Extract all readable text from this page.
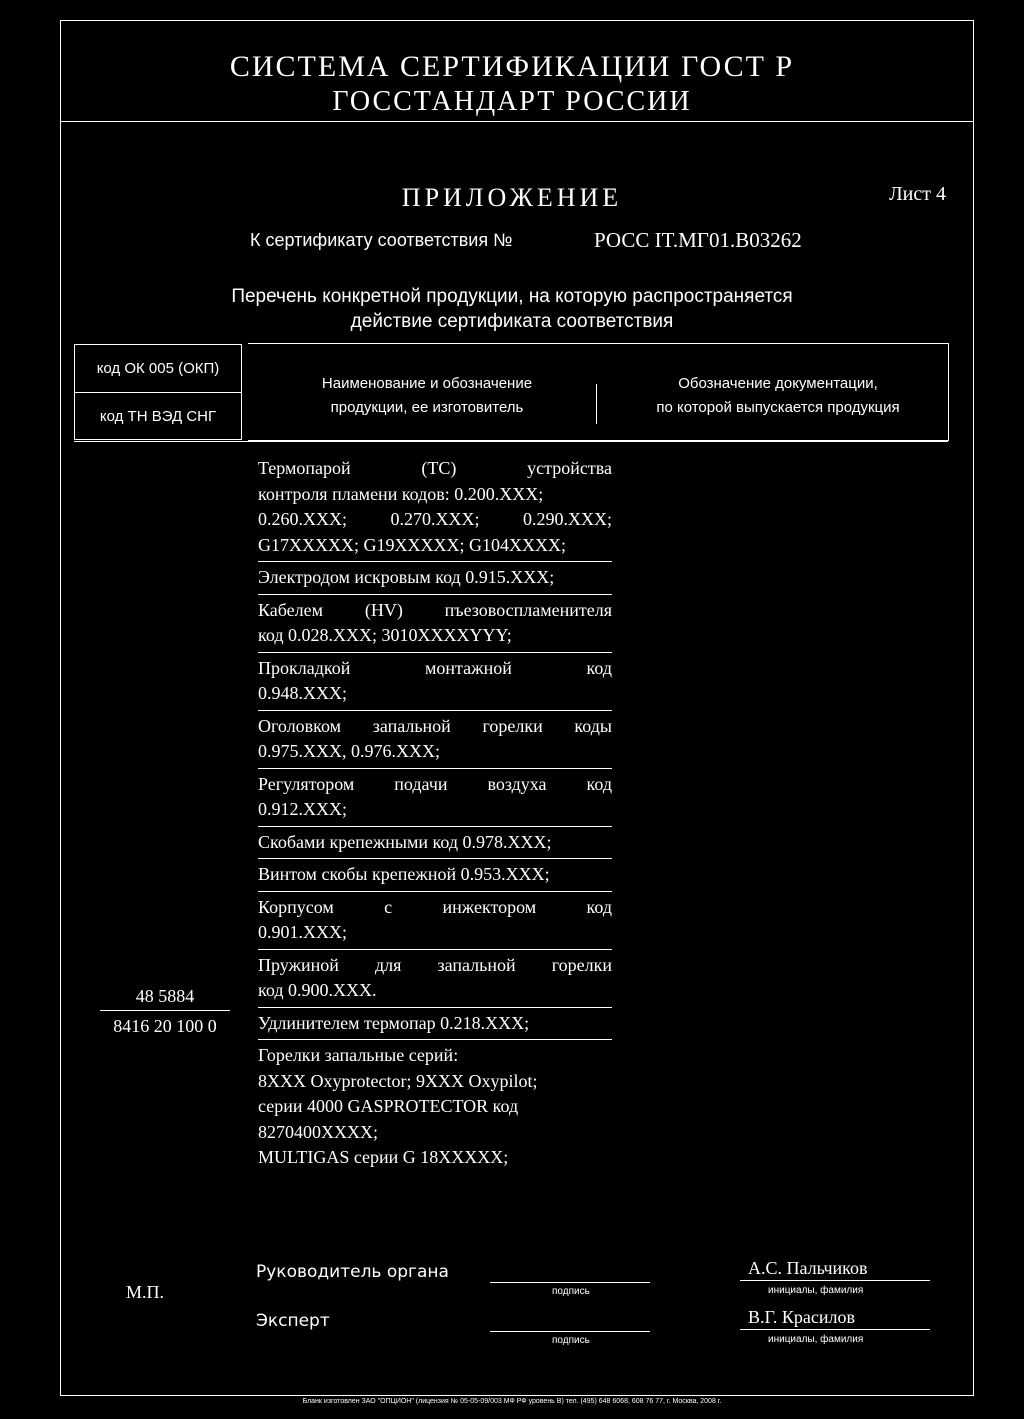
СИСТЕМА СЕРТИФИКАЦИИ ГОСТ Р
ГОССТАНДАРТ РОССИИ
ПРИЛОЖЕНИЕ	Лист 4
К сертификату соответствия №	РОСС IT.МГ01.В03262
Перечень конкретной продукции, на которую распространяется
действие сертификата соответствия
код ОК 005 (ОКП)
код ТН ВЭД СНГ
Наименование и обозначение
продукции, ее изготовитель
Обозначение документации,
по которой выпускается продукция
Термопарой (ТС) устройства
контроля пламени кодов: 0.200.XXX;
0.260.XXX; 0.270.XXX; 0.290.XXX;
G17XXXXX; G19XXXXX; G104XXXX;
Электродом искровым код 0.915.XXX;
Кабелем (HV) пъезовоспламенителя
код 0.028.XXX; 3010XXXXYYY;
Прокладкой монтажной код
0.948.XXX;
Оголовком запальной горелки коды
0.975.XXX, 0.976.XXX;
Регулятором подачи воздуха код
0.912.XXX;
Скобами крепежными код 0.978.XXX;
Винтом скобы крепежной 0.953.XXX;
Корпусом с инжектором код
0.901.XXX;
Пружиной для запальной горелки
код 0.900.XXX.
Удлинителем термопар 0.218.XXX;
Горелки запальные серий:
8XXX Oxyprotector; 9XXX Oxypilot;
серии 4000 GASPROTECTOR код
8270400XXXX;
MULTIGAS серии G 18XXXXX;
48 5884
8416 20 100 0
Руководитель органа
подпись
А.С. Пальчиков
инициалы, фамилия
М.П.
Эксперт
подпись
В.Г. Красилов
инициалы, фамилия
Бланк изготовлен ЗАО "ОПЦИОН" (лицензия № 05-05-09/003 МФ РФ уровень В) тел. (495) 648 6068, 608 76 77, г. Москва, 2008 г.
